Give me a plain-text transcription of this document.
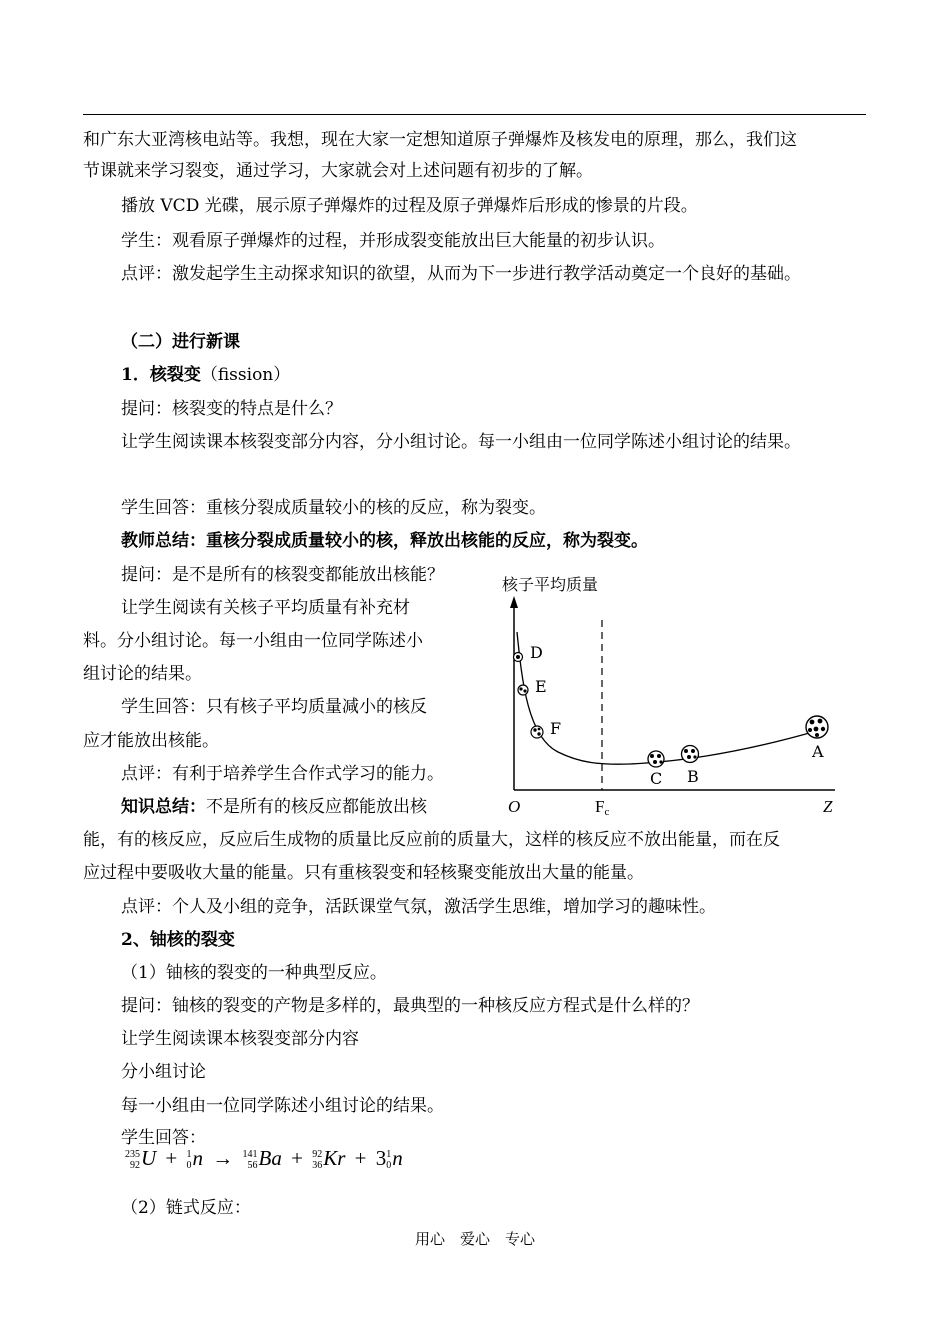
和广东大亚湾核电站等。我想，现在大家一定想知道原子弹爆炸及核发电的原理，那么，我们这
节课就来学习裂变，通过学习，大家就会对上述问题有初步的了解。
播放 VCD 光碟，展示原子弹爆炸的过程及原子弹爆炸后形成的惨景的片段。
学生：观看原子弹爆炸的过程，并形成裂变能放出巨大能量的初步认识。
点评：激发起学生主动探求知识的欲望，从而为下一步进行教学活动奠定一个良好的基础。
（二）进行新课
1．核裂变（fission）
提问：核裂变的特点是什么？
让学生阅读课本核裂变部分内容，分小组讨论。每一小组由一位同学陈述小组讨论的结果。
学生回答：重核分裂成质量较小的核的反应，称为裂变。
教师总结：重核分裂成质量较小的核，释放出核能的反应，称为裂变。
提问：是不是所有的核裂变都能放出核能？
让学生阅读有关核子平均质量有补充材
料。分小组讨论。每一小组由一位同学陈述小
组讨论的结果。
学生回答：只有核子平均质量减小的核反
应才能放出核能。
点评：有利于培养学生合作式学习的能力。
知识总结：不是所有的核反应都能放出核
能，有的核反应，反应后生成物的质量比反应前的质量大，这样的核反应不放出能量，而在反
应过程中要吸收大量的能量。只有重核裂变和轻核聚变能放出大量的能量。
点评：个人及小组的竞争，活跃课堂气氛，激活学生思维，增加学习的趣味性。
2、铀核的裂变
（1）铀核的裂变的一种典型反应。
提问：铀核的裂变的产物是多样的，最典型的一种核反应方程式是什么样的？
让学生阅读课本核裂变部分内容
分小组讨论
每一小组由一位同学陈述小组讨论的结果。
学生回答：
235
92 U + 1
0 n → 141
56 Ba + 92
36 Kr + 3 1
0 n
（2）链式反应：
核子平均质量
D
E
F
C B
A
O	Fc	Z
用心　爱心　专心
